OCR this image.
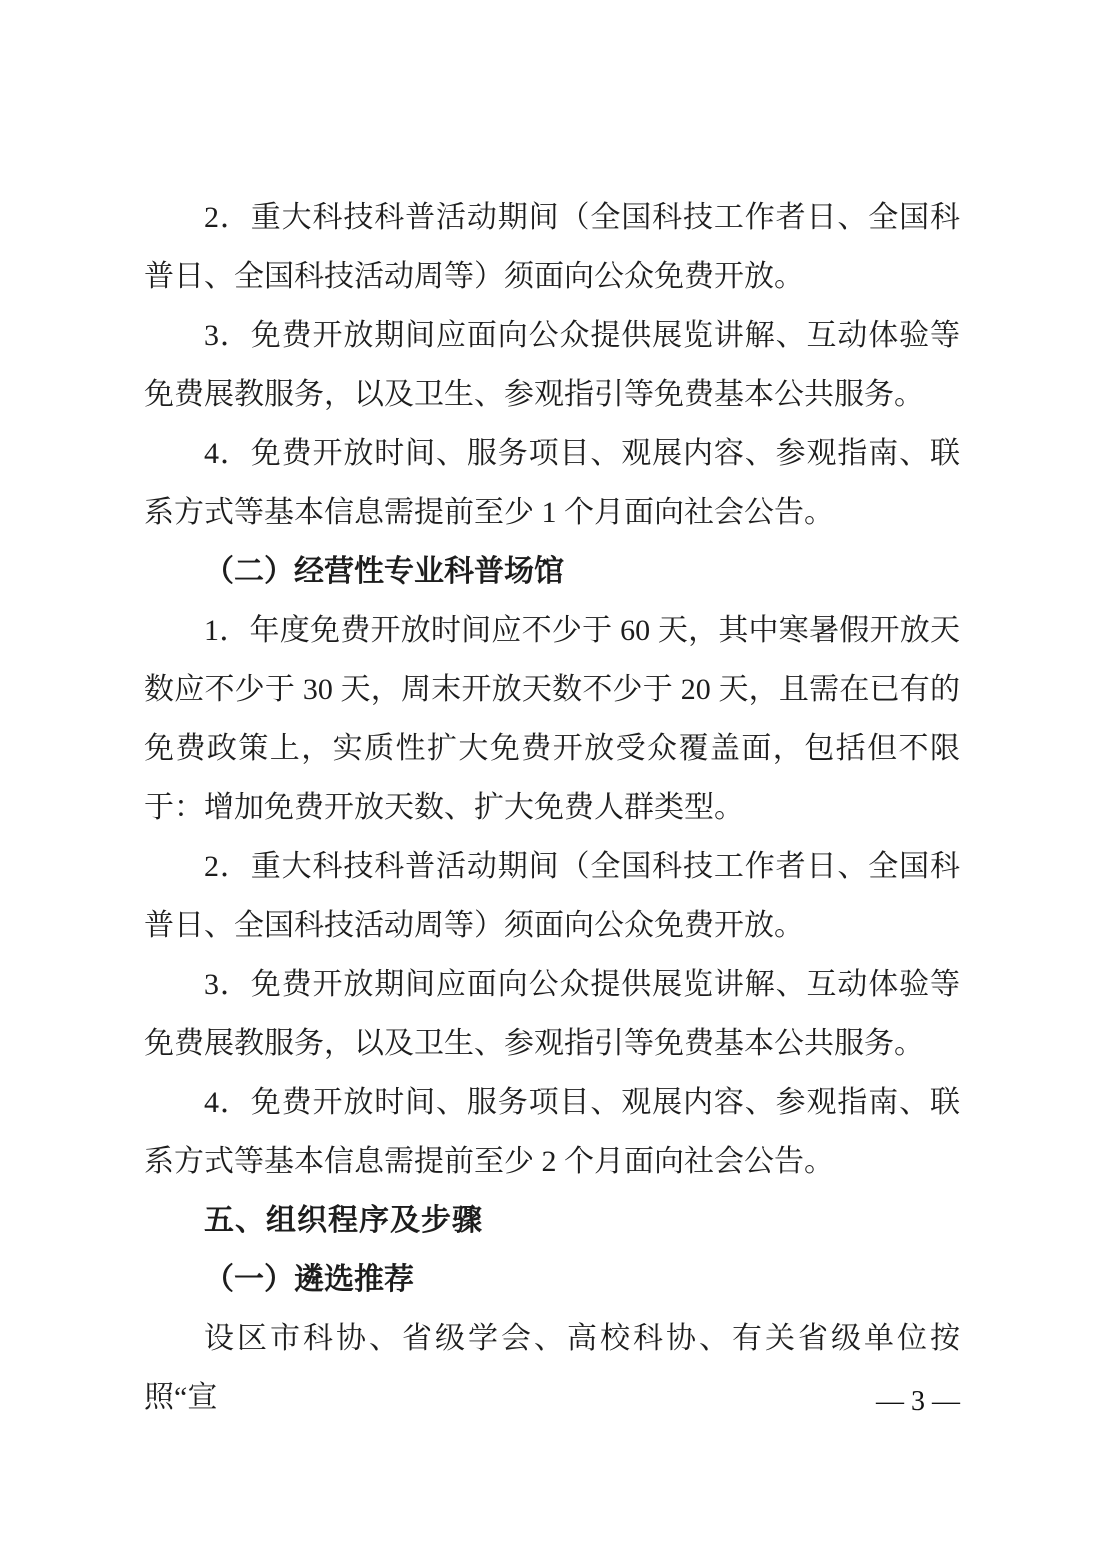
2．重大科技科普活动期间（全国科技工作者日、全国科普日、全国科技活动周等）须面向公众免费开放。

3．免费开放期间应面向公众提供展览讲解、互动体验等免费展教服务，以及卫生、参观指引等免费基本公共服务。

4．免费开放时间、服务项目、观展内容、参观指南、联系方式等基本信息需提前至少 1 个月面向社会公告。

（二）经营性专业科普场馆

1．年度免费开放时间应不少于 60 天，其中寒暑假开放天数应不少于 30 天，周末开放天数不少于 20 天，且需在已有的免费政策上，实质性扩大免费开放受众覆盖面，包括但不限于：增加免费开放天数、扩大免费人群类型。

2．重大科技科普活动期间（全国科技工作者日、全国科普日、全国科技活动周等）须面向公众免费开放。

3．免费开放期间应面向公众提供展览讲解、互动体验等免费展教服务，以及卫生、参观指引等免费基本公共服务。

4．免费开放时间、服务项目、观展内容、参观指南、联系方式等基本信息需提前至少 2 个月面向社会公告。

五、组织程序及步骤

（一）遴选推荐

设区市科协、省级学会、高校科协、有关省级单位按照“宣	— 3 —
